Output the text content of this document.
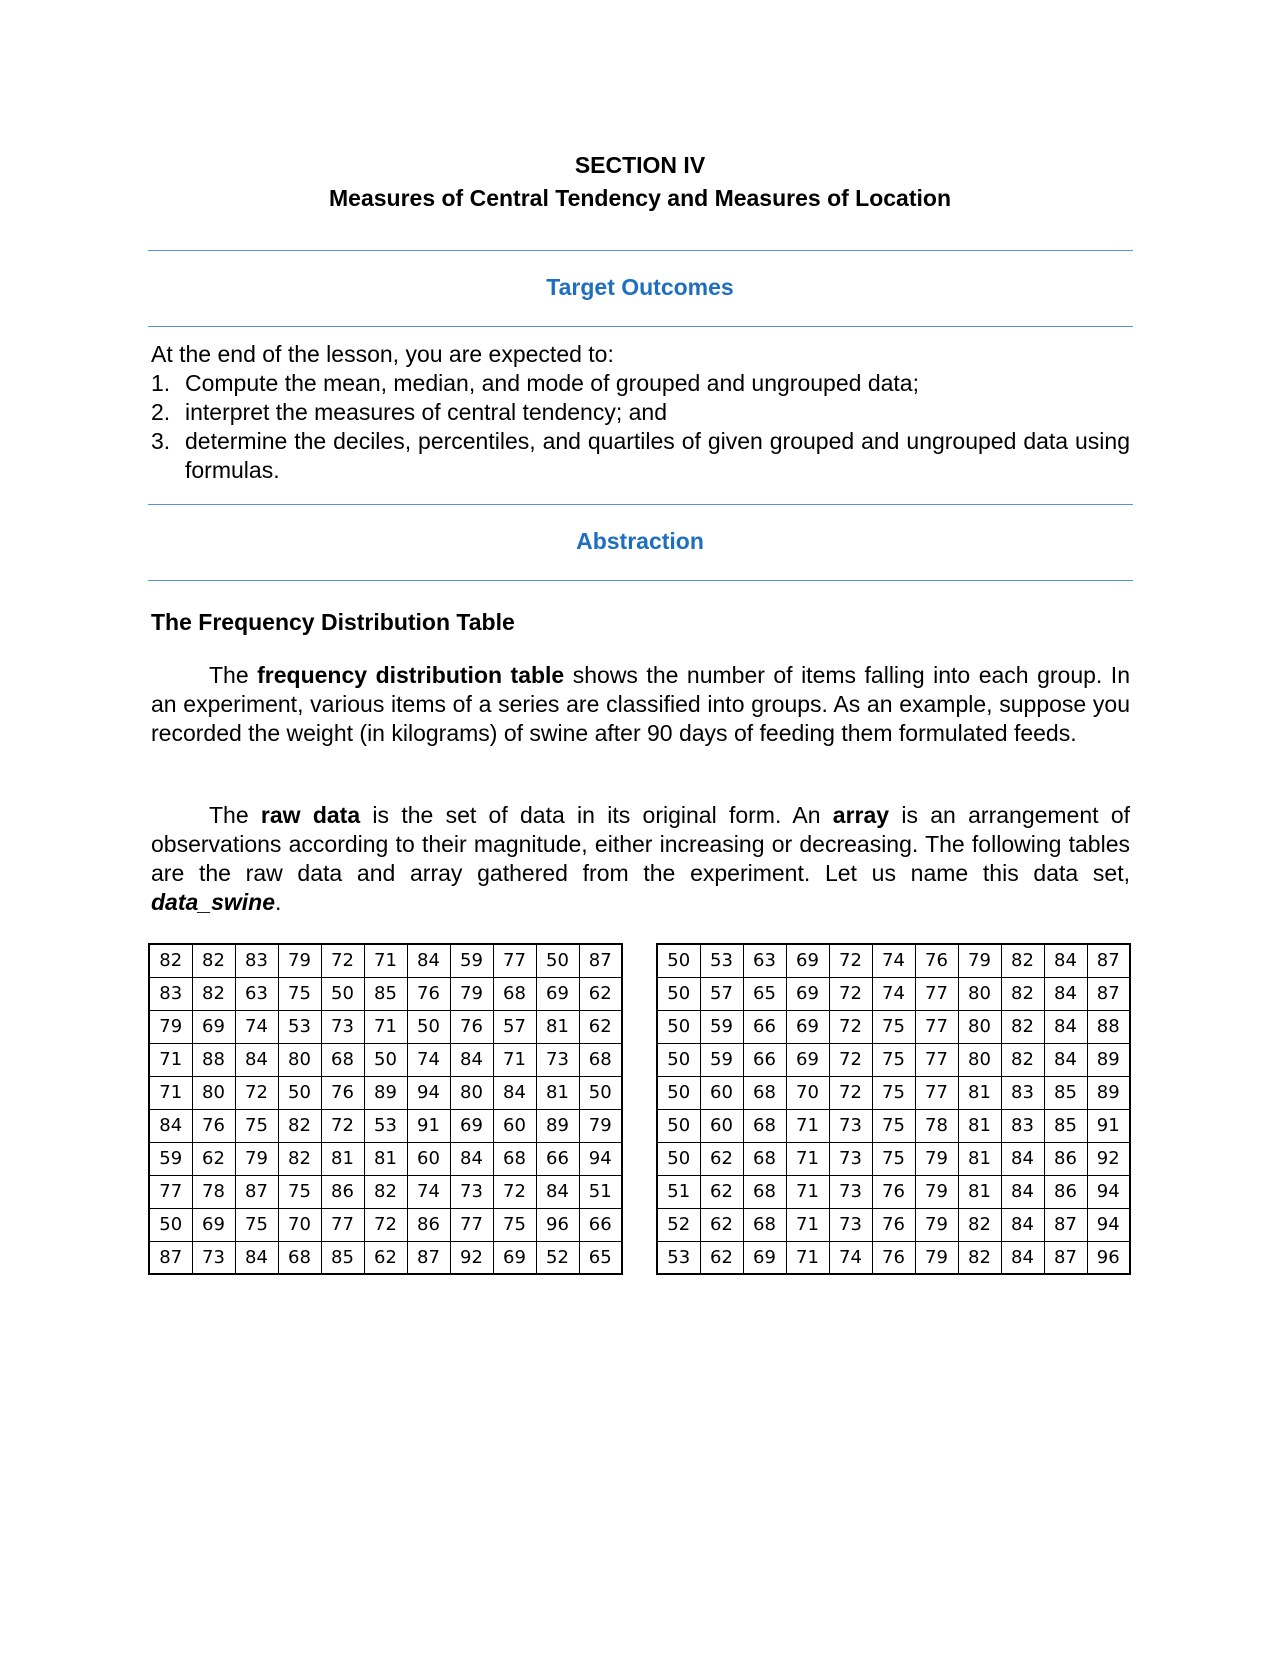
SECTION IV
Measures of Central Tendency and Measures of Location
Target Outcomes
At the end of the lesson, you are expected to:
1. Compute the mean, median, and mode of grouped and ungrouped data;
2. interpret the measures of central tendency; and
3. determine the deciles, percentiles, and quartiles of given grouped and ungrouped data using formulas.
Abstraction
The Frequency Distribution Table
The frequency distribution table shows the number of items falling into each group. In an experiment, various items of a series are classified into groups. As an example, suppose you recorded the weight (in kilograms) of swine after 90 days of feeding them formulated feeds.
The raw data is the set of data in its original form. An array is an arrangement of observations according to their magnitude, either increasing or decreasing. The following tables are the raw data and array gathered from the experiment. Let us name this data set, data_swine.
82	82	83	79	72	71	84	59	77	50	87
83	82	63	75	50	85	76	79	68	69	62
79	69	74	53	73	71	50	76	57	81	62
71	88	84	80	68	50	74	84	71	73	68
71	80	72	50	76	89	94	80	84	81	50
84	76	75	82	72	53	91	69	60	89	79
59	62	79	82	81	81	60	84	68	66	94
77	78	87	75	86	82	74	73	72	84	51
50	69	75	70	77	72	86	77	75	96	66
87	73	84	68	85	62	87	92	69	52	65
50	53	63	69	72	74	76	79	82	84	87
50	57	65	69	72	74	77	80	82	84	87
50	59	66	69	72	75	77	80	82	84	88
50	59	66	69	72	75	77	80	82	84	89
50	60	68	70	72	75	77	81	83	85	89
50	60	68	71	73	75	78	81	83	85	91
50	62	68	71	73	75	79	81	84	86	92
51	62	68	71	73	76	79	81	84	86	94
52	62	68	71	73	76	79	82	84	87	94
53	62	69	71	74	76	79	82	84	87	96
